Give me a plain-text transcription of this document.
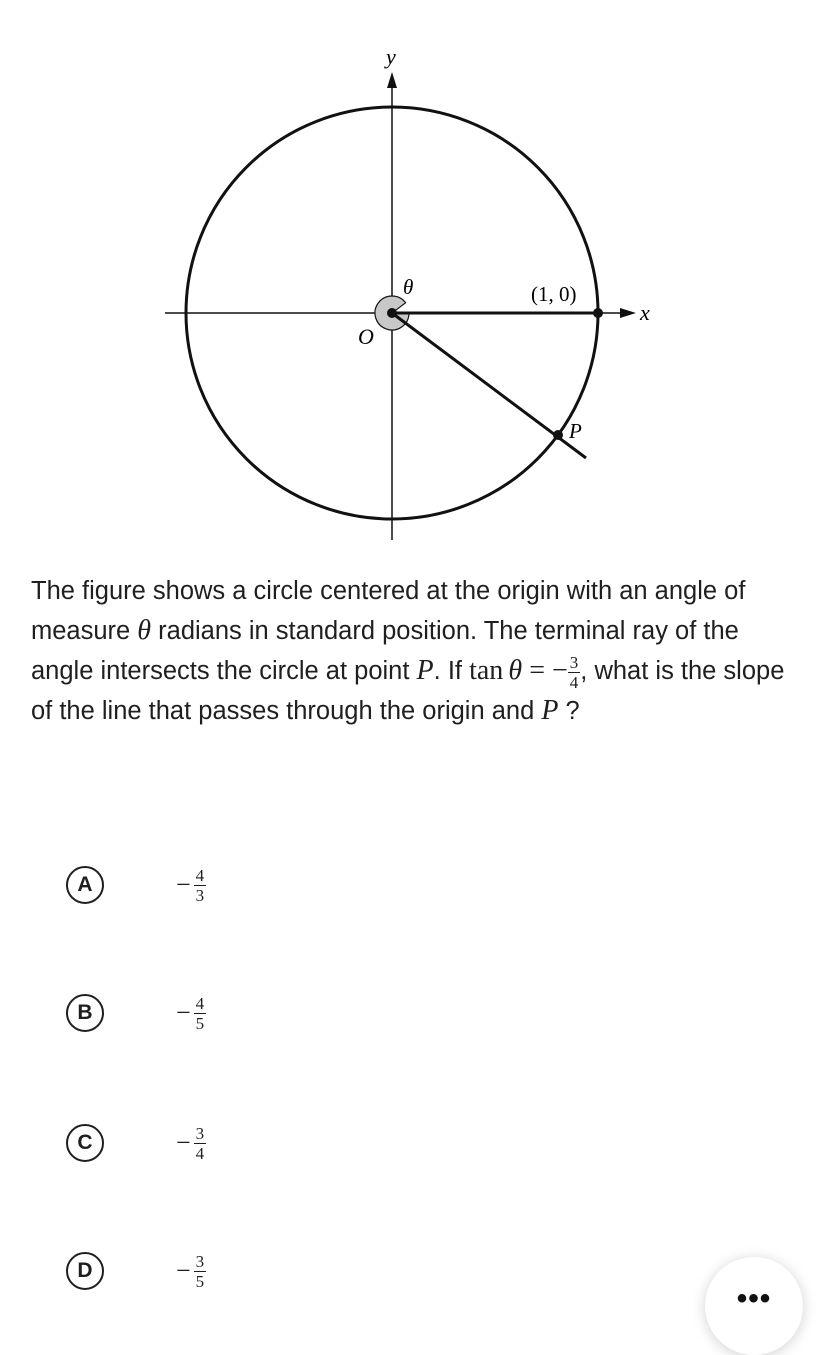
y
x
O
θ	(1, 0)
P
The figure shows a circle centered at the origin with an angle of measure θ radians in standard position. The terminal ray of the angle intersects the circle at point P. If tan  θ = − $\frac{3}{4}$ , what is the slope of the line that passes through the origin and P ?
A	− $\frac{4}{3}$
B	− $\frac{4}{5}$
C	− $\frac{3}{4}$
D	− $\frac{3}{5}$
•••
